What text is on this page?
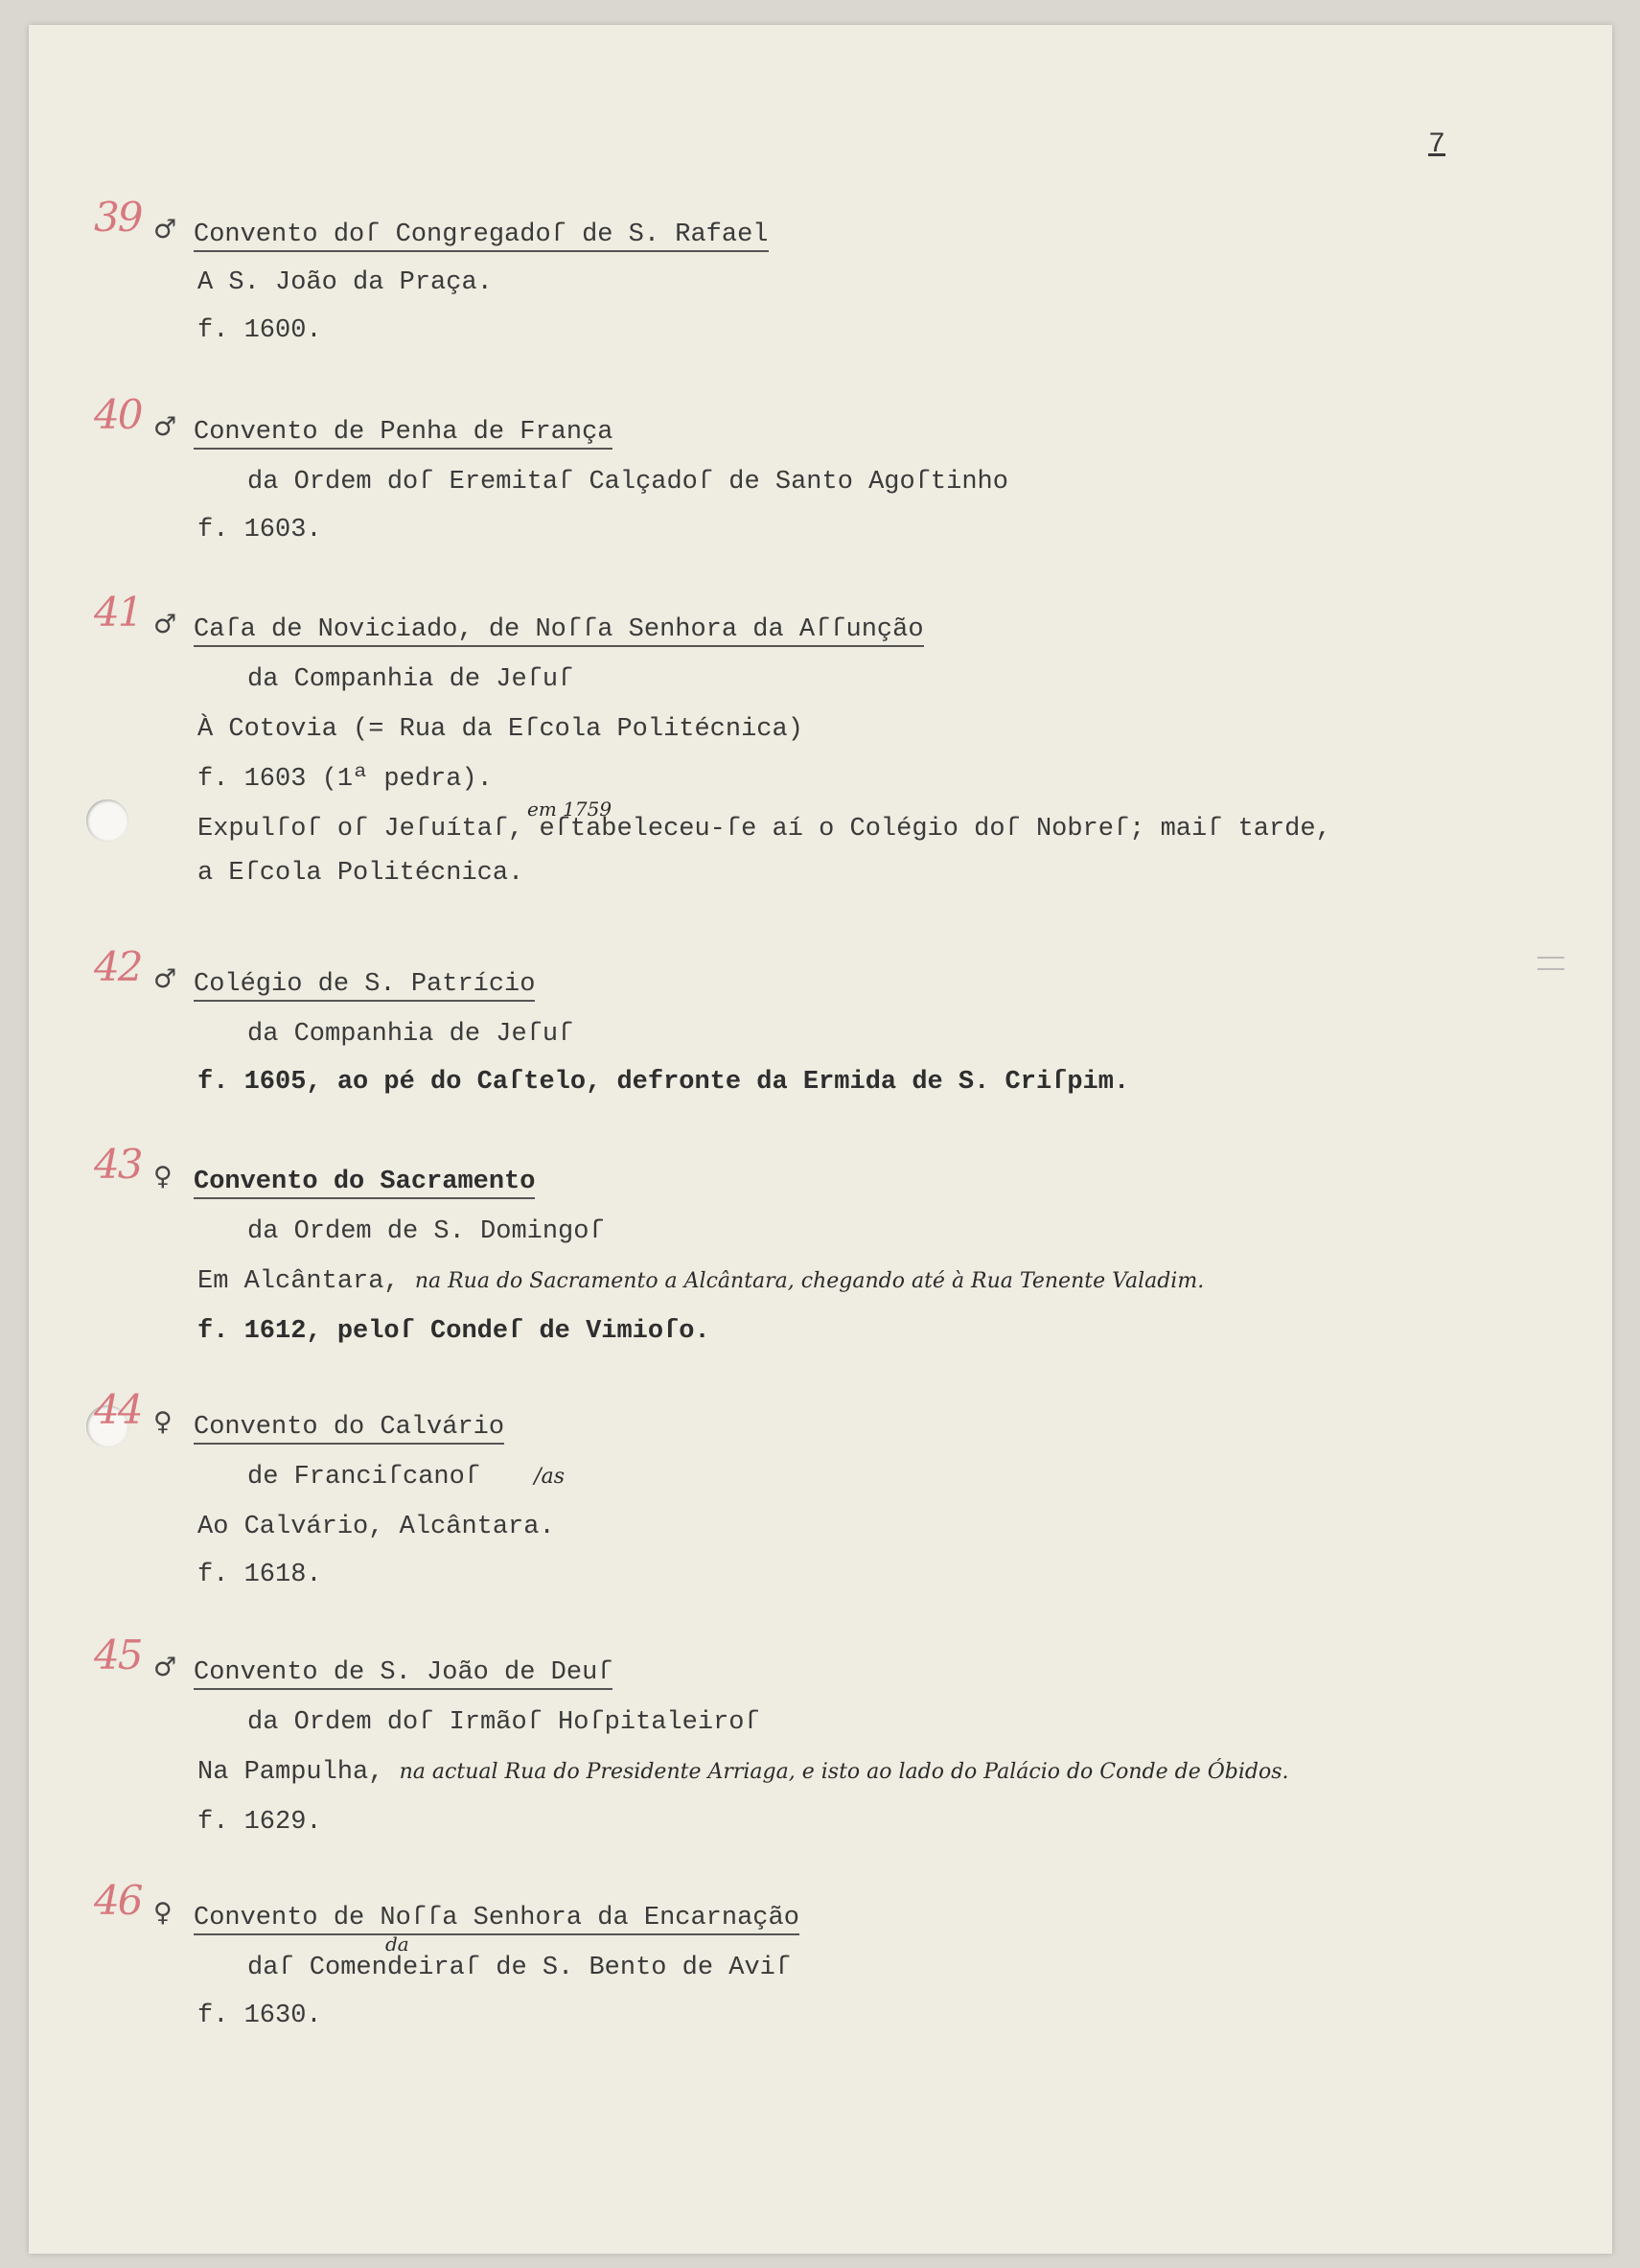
7
39 ♂ Convento doſ Congregadoſ de S. Rafael
A S. João da Praça.
f. 1600.
40 ♂ Convento de Penha de França
da Ordem doſ Eremitaſ Calçadoſ de Santo Agoſtinho
f. 1603.
41 ♂ Caſa de Noviciado, de Noſſa Senhora da Aſſunção
da Companhia de Jeſuſ
À Cotovia (= Rua da Eſcola Politécnica)
f. 1603 (1ª pedra).
em 1759
Expulſoſ oſ Jeſuítaſ, eſtabeleceu-ſe aí o Colégio doſ Nobreſ; maiſ tarde,
a Eſcola Politécnica.
42 ♂ Colégio de S. Patrício
da Companhia de Jeſuſ
f. 1605, ao pé do Caſtelo, defronte da Ermida de S. Criſpim.
43 ♀ Convento do Sacramento
da Ordem de S. Domingoſ
Em Alcântara, na Rua do Sacramento a Alcântara, chegando até à Rua Tenente Valadim.
f. 1612, peloſ Condeſ de Vimioſo.
44 ♀ Convento do Calvário
de Franciſcanoſ	/as
Ao Calvário, Alcântara.
f. 1618.
45 ♂ Convento de S. João de Deuſ
da Ordem doſ Irmãoſ Hoſpitaleiroſ
Na Pampulha, na actual Rua do Presidente Arriaga, e isto ao lado do Palácio do Conde de Óbidos.
f. 1629.
46 ♀ Convento de Noſſa Senhora da Encarnação
da
daſ Comendeiraſ de S. Bento de Aviſ
f. 1630.
